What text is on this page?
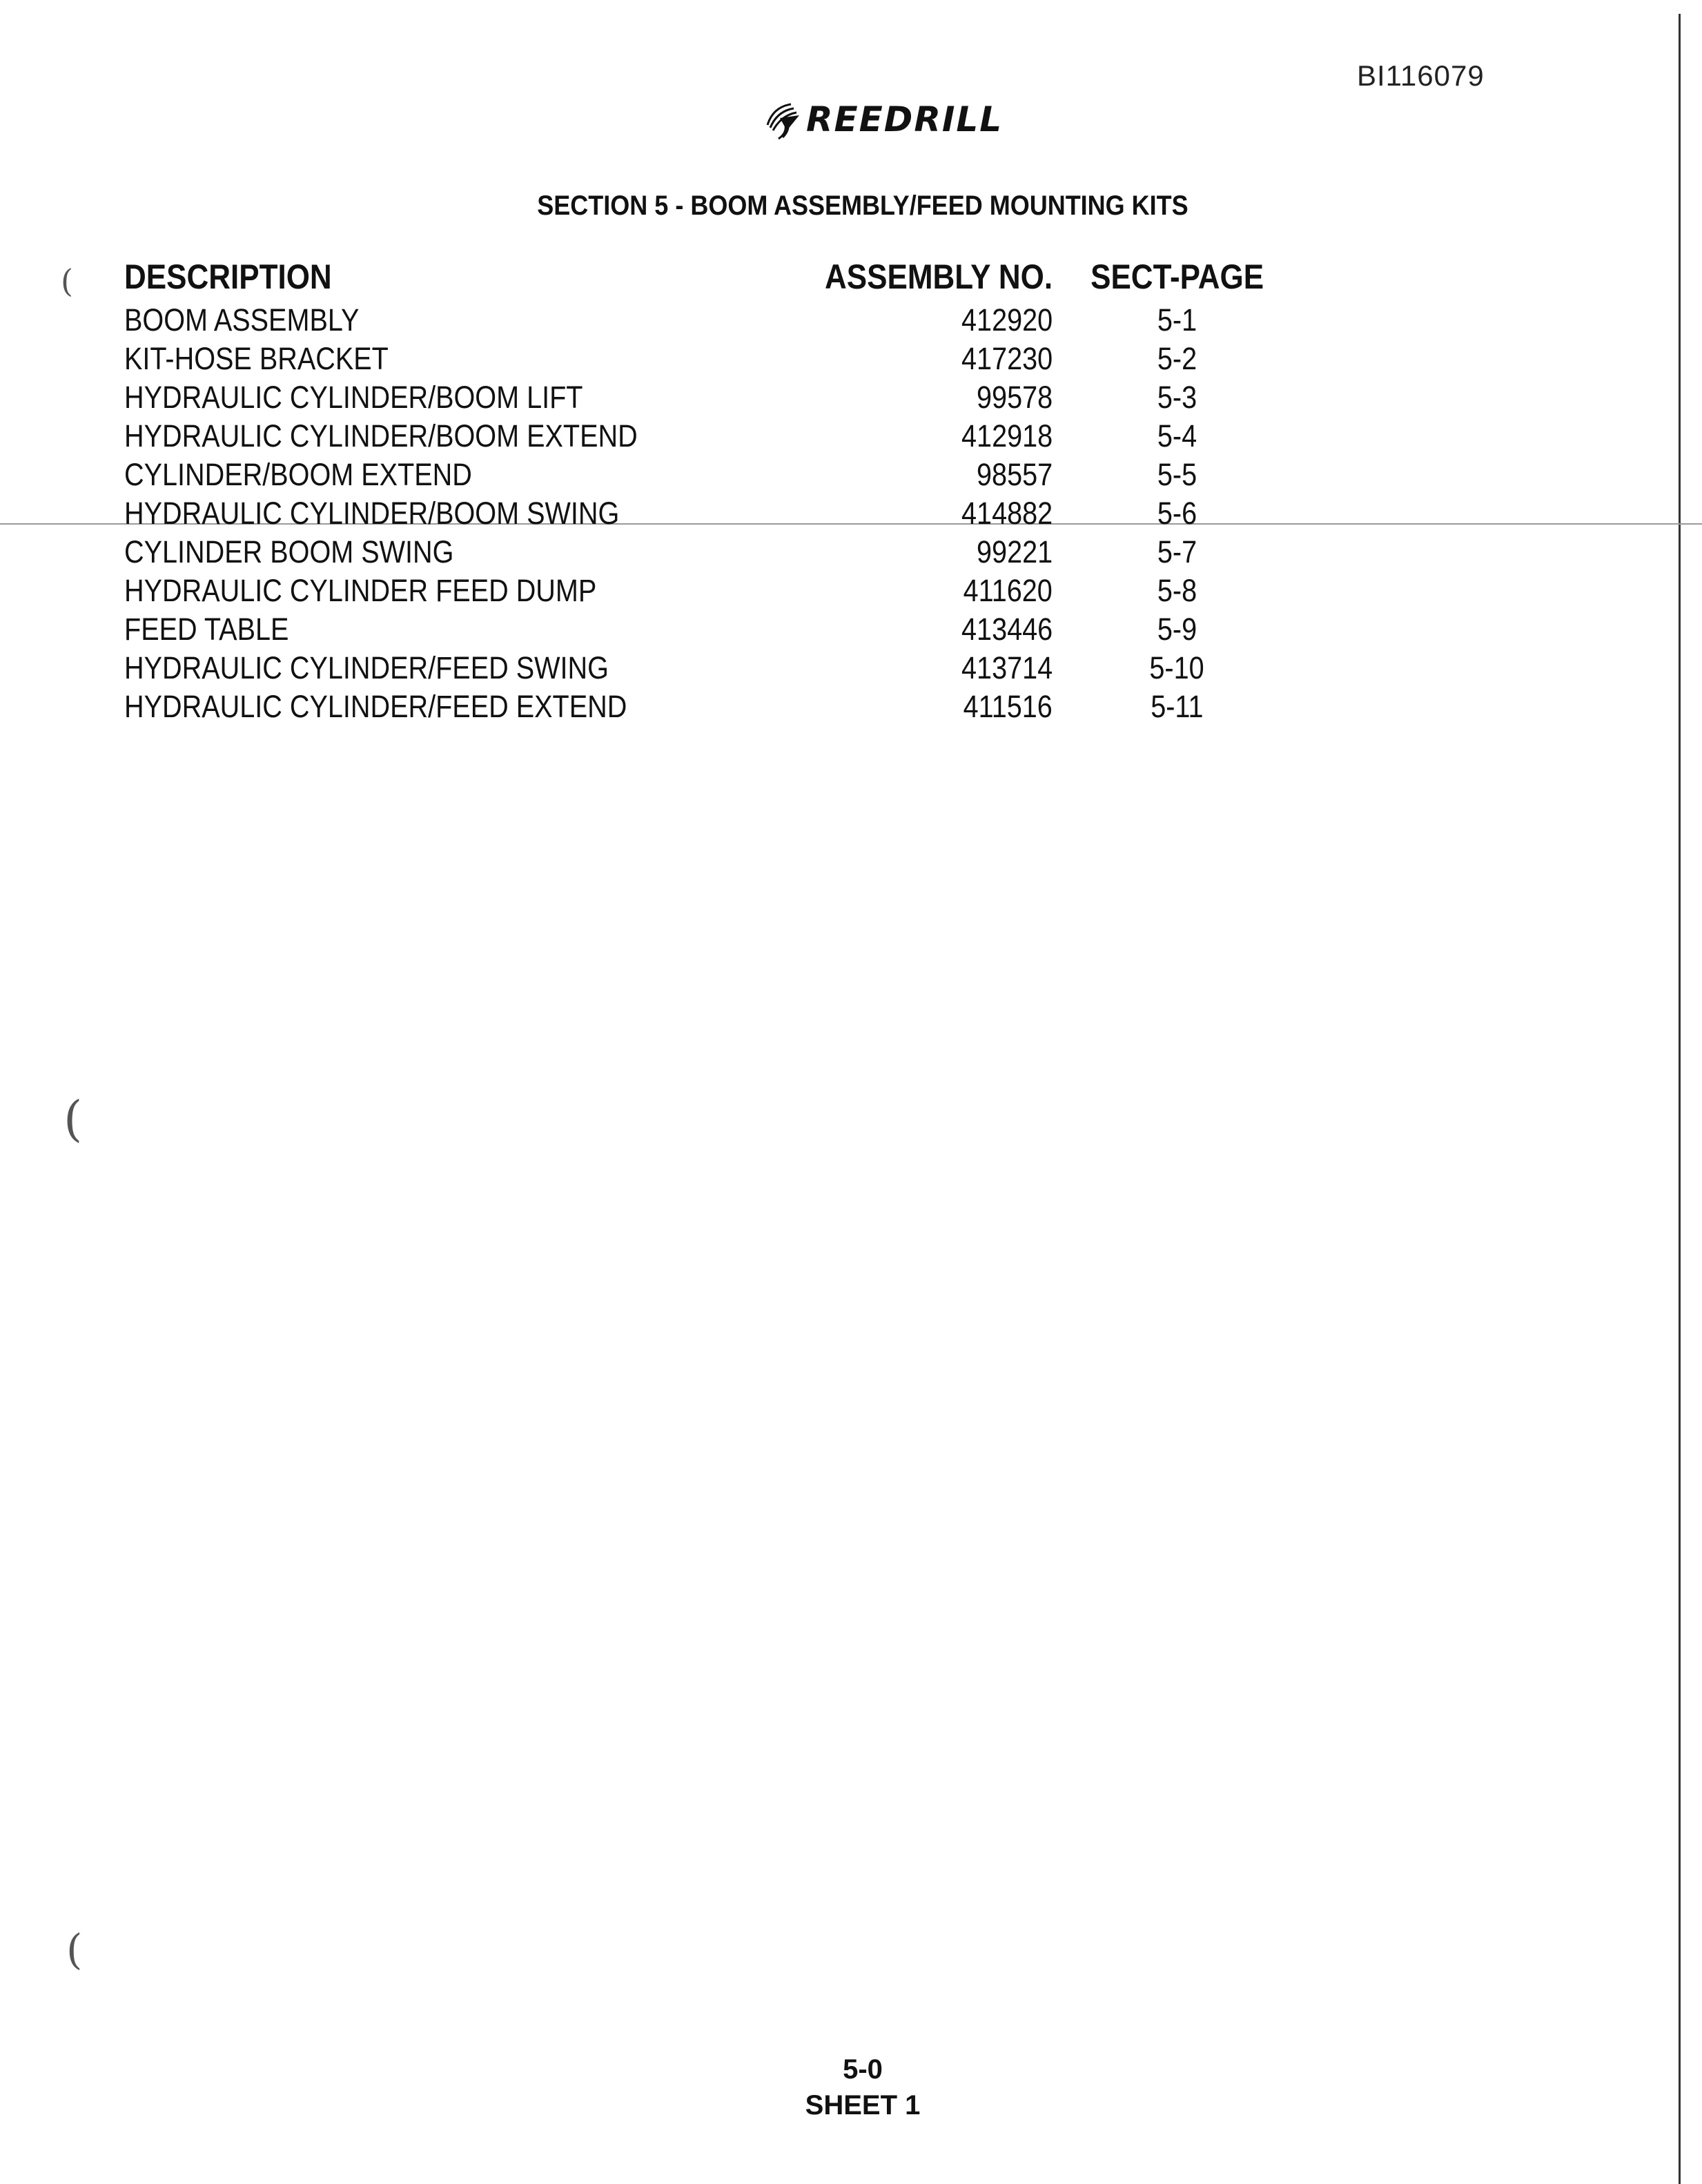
BI116079
REEDRILL
SECTION 5 - BOOM ASSEMBLY/FEED MOUNTING KITS
DESCRIPTION	ASSEMBLY NO.	SECT-PAGE
BOOM ASSEMBLY	412920	5-1
KIT-HOSE BRACKET	417230	5-2
HYDRAULIC CYLINDER/BOOM LIFT	99578	5-3
HYDRAULIC CYLINDER/BOOM EXTEND	412918	5-4
CYLINDER/BOOM EXTEND	98557	5-5
HYDRAULIC CYLINDER/BOOM SWING	414882	5-6
CYLINDER BOOM SWING	99221	5-7
HYDRAULIC CYLINDER FEED DUMP	411620	5-8
FEED TABLE	413446	5-9
HYDRAULIC CYLINDER/FEED SWING	413714	5-10
HYDRAULIC CYLINDER/FEED EXTEND	411516	5-11
(
(
(
5-0
SHEET 1
